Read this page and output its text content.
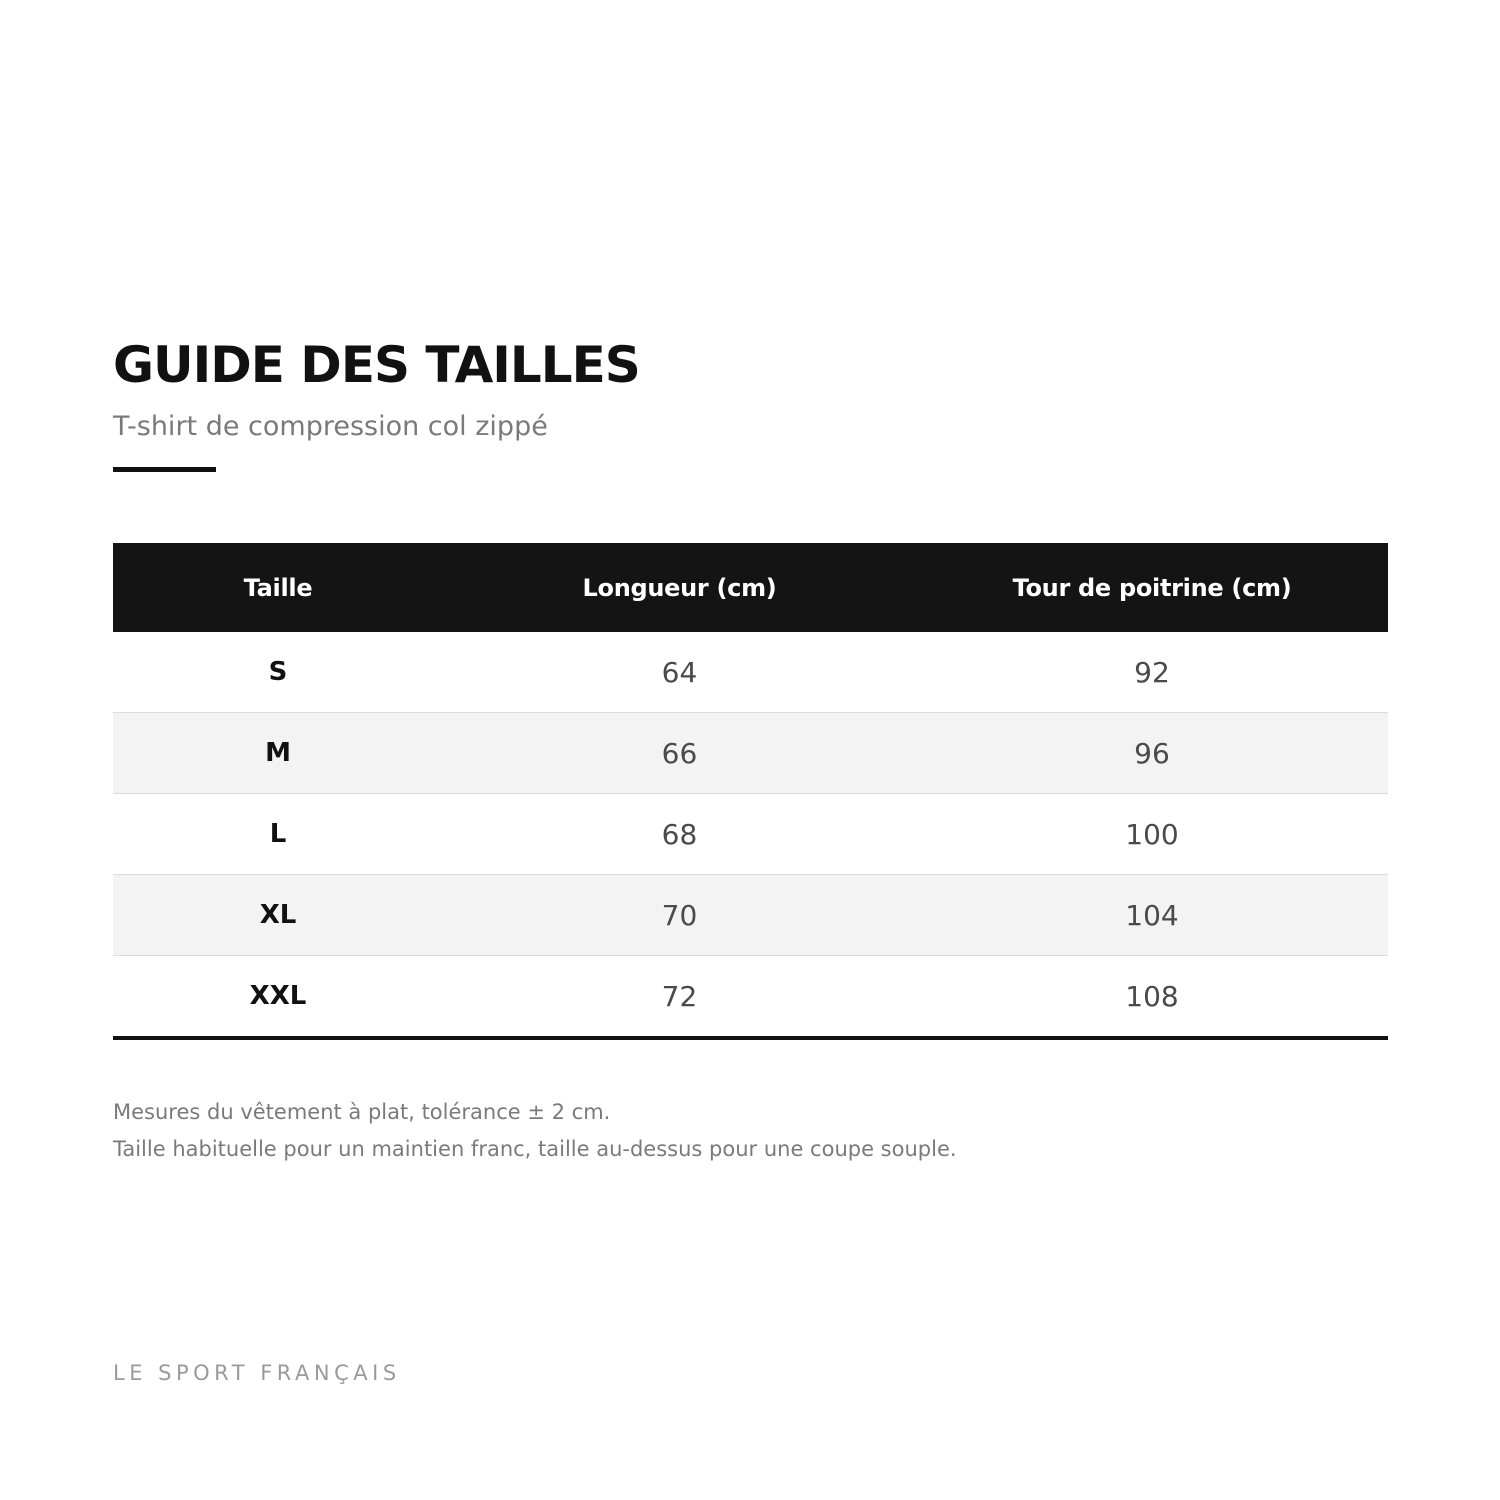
GUIDE DES TAILLES
T-shirt de compression col zippé
Taille	Longueur (cm)	Tour de poitrine (cm)
S	64	92
M	66	96
L	68	100
XL	70	104
XXL	72	108
Mesures du vêtement à plat, tolérance ± 2 cm.
Taille habituelle pour un maintien franc, taille au-dessus pour une coupe souple.
LE SPORT FRANÇAIS
